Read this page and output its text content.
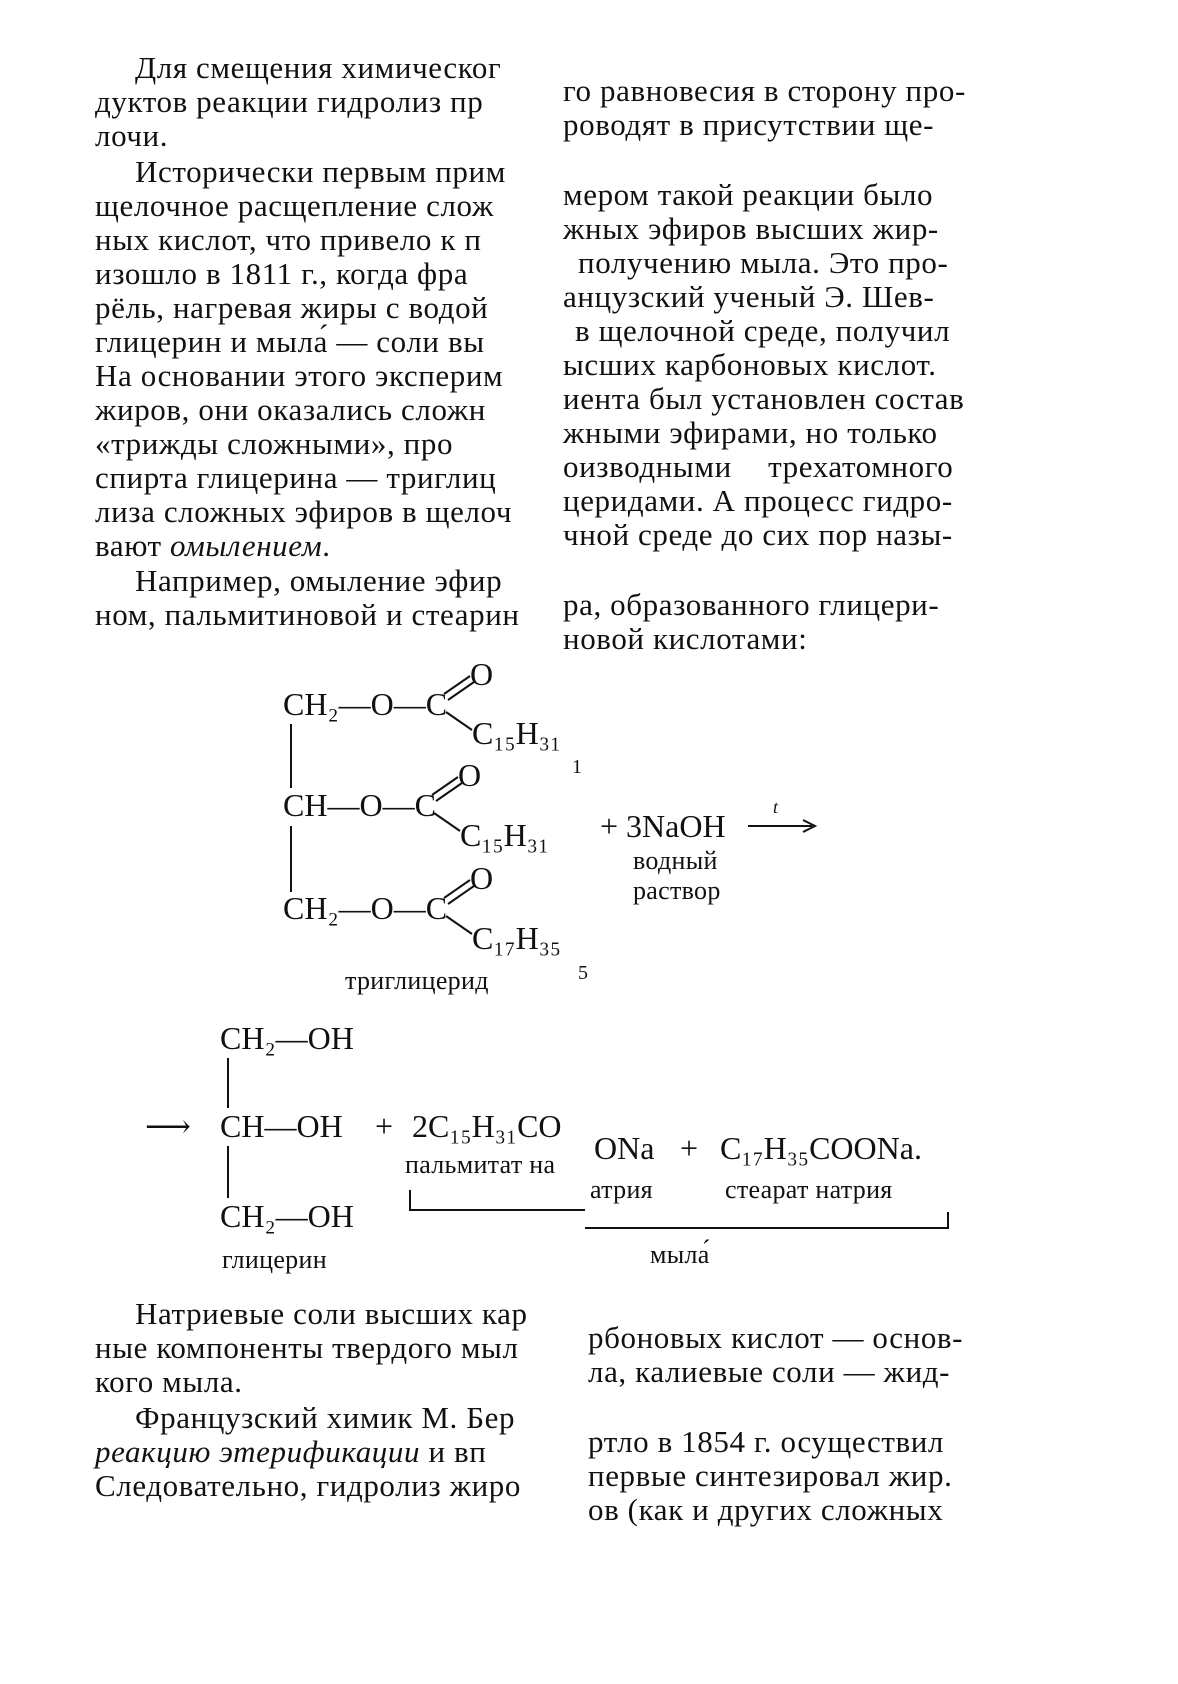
Для смещения химическог
дуктов реакции гидролиз пр
лочи.
Исторически первым прим
щелочное расщепление слож
ных кислот, что привело к п
изошло в 1811 г., когда фра
рёль, нагревая жиры с водой
глицерин и мыла́ — соли вы
На основании этого эксперим
жиров, они оказались сложн
«трижды сложными», про
спирта глицерина — триглиц
лиза сложных эфиров в щелоч
вают омылением.
Например, омыление эфир
ном, пальмитиновой и стеарин
го равновесия в сторону про-
роводят в присутствии ще-
мером такой реакции было
жных эфиров высших жир-
получению мыла. Это про-
анцузский ученый Э. Шев-
в щелочной среде, получил
ысших карбоновых кислот.
иента был установлен состав
жными эфирами, но только
оизводными трехатомного
церидами. А процесс гидро-
чной среде до сих пор назы-
ра, образованного глицери-
новой кислотами:
CH₂—O—C
O
C₁₅H₃₁
1
CH—O—C
O
C₁₅H₃₁
CH₂—O—C
O
C₁₇H₃₅
5
триглицерид
+ 3NaOH
t
водный
раствор
CH₂—OH
⟶ CH—OH + 2C₁₅H₃₁CO
ONa + C₁₇H₃₅COONa.
CH₂—OH
пальмитат на
атрия	стеарат натрия
глицерин	мыла́
Натриевые соли высших кар
ные компоненты твердого мыл
кого мыла.
Французский химик М. Бер
реакцию этерификации и вп
Следовательно, гидролиз жиро
рбоновых кислот — основ-
ла, калиевые соли — жид-
ртло в 1854 г. осуществил
первые синтезировал жир.
ов (как и других сложных
